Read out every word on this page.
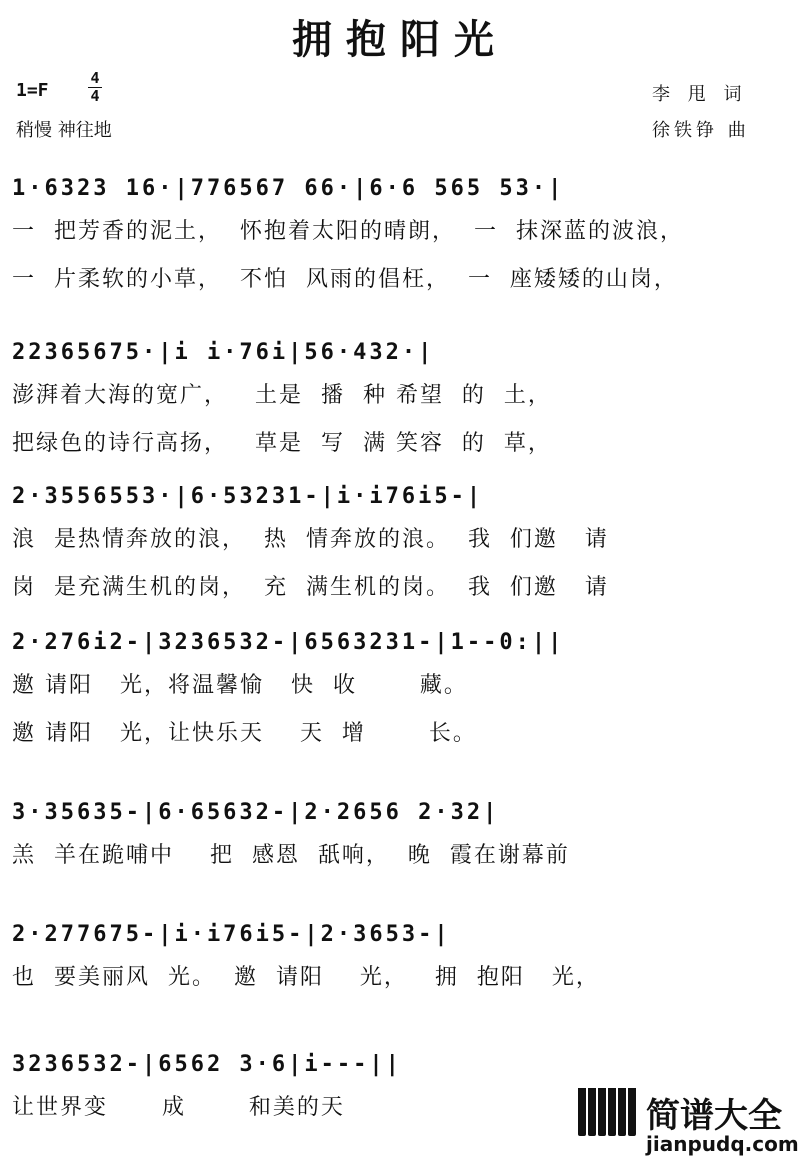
拥抱阳光
1=F
4
4
稍慢 神往地
李 甩 词
徐铁铮 曲
1·6323 16·|776567 66·|6·6 565 53·|
一  把芳香的泥土，  怀抱着太阳的晴朗，  一  抹深蓝的波浪，
一  片柔软的小草，  不怕  风雨的倡枉，  一  座矮矮的山岗，
22365675·|i i·76i|56·432·|
澎湃着大海的宽广，   土是  播  种 希望  的  土，
把绿色的诗行高扬，   草是  写  满 笑容  的  草，
2·3556553·|6·53231-|i·i76i5-|
浪  是热情奔放的浪，  热  情奔放的浪。  我  们邀   请
岗  是充满生机的岗，  充  满生机的岗。  我  们邀   请
2·276i2-|3236532-|6563231-|1--0:||
邀 请阳   光，将温馨愉   快  收       藏。
邀 请阳   光，让快乐天    天  增       长。
3·35635-|6·65632-|2·2656 2·32|
羔  羊在跪哺中    把  感恩  舐响，  晚  霞在谢幕前
2·277675-|i·i76i5-|2·3653-|
也  要美丽风  光。  邀  请阳    光，   拥  抱阳   光，
3236532-|6562 3·6|i---||
让世界变      成       和美的天	简谱大全
jianpudq.com
